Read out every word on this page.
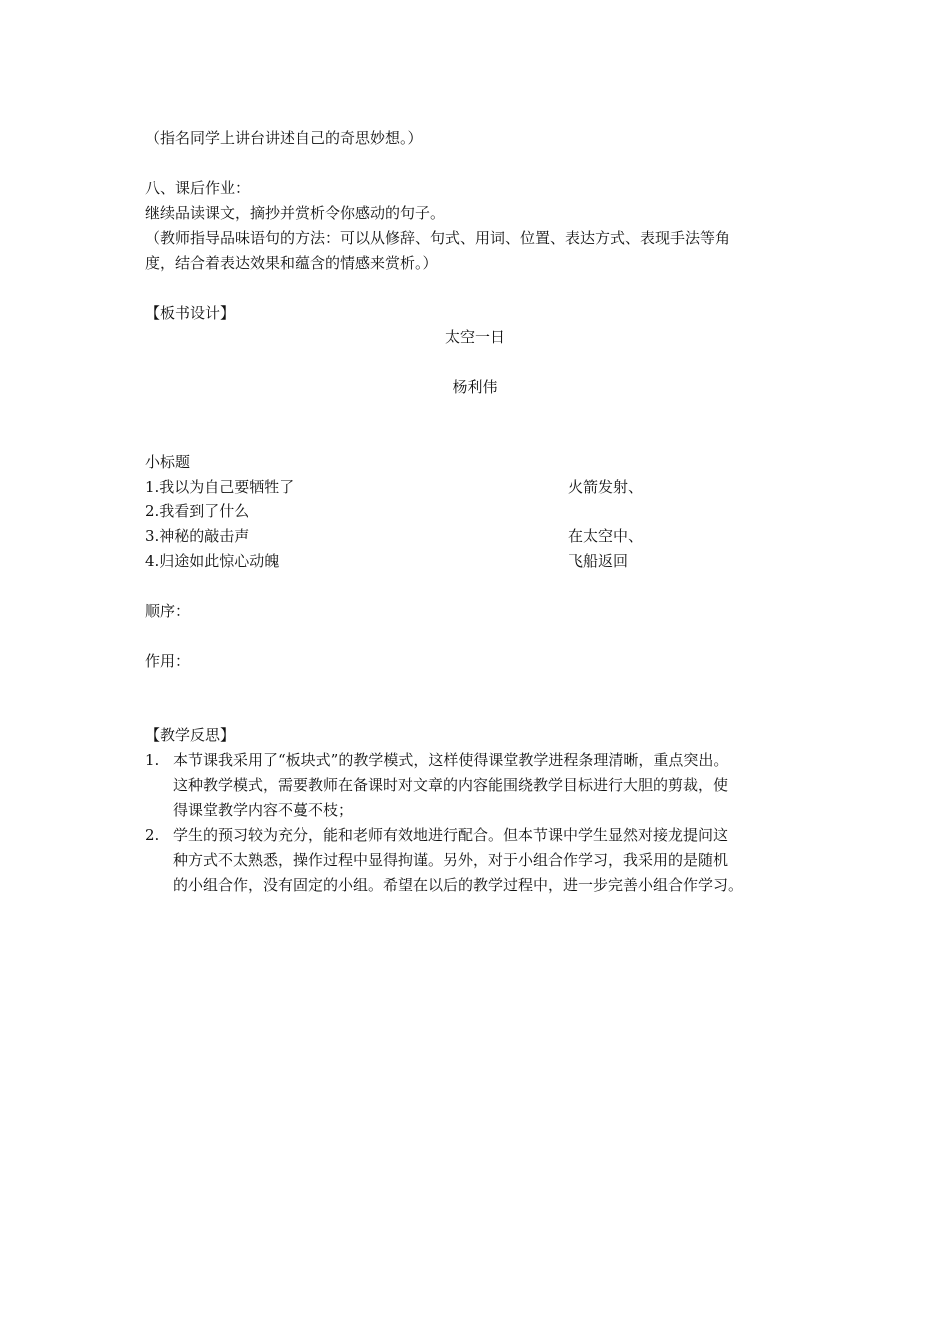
（指名同学上讲台讲述自己的奇思妙想。）
八、课后作业：
继续品读课文，摘抄并赏析令你感动的句子。
（教师指导品味语句的方法：可以从修辞、句式、用词、位置、表达方式、表现手法等角
度，结合着表达效果和蕴含的情感来赏析。）
【板书设计】
太空一日
杨利伟
小标题
1.我以为自己要牺牲了
2.我看到了什么
3.神秘的敲击声
4.归途如此惊心动魄
火箭发射、
在太空中、
飞船返回
顺序：
作用：
【教学反思】
1. 本节课我采用了“板块式”的教学模式，这样使得课堂教学进程条理清晰，重点突出。
这种教学模式，需要教师在备课时对文章的内容能围绕教学目标进行大胆的剪裁，使
得课堂教学内容不蔓不枝；
2. 学生的预习较为充分，能和老师有效地进行配合。但本节课中学生显然对接龙提问这
种方式不太熟悉，操作过程中显得拘谨。另外，对于小组合作学习，我采用的是随机
的小组合作，没有固定的小组。希望在以后的教学过程中，进一步完善小组合作学习。
